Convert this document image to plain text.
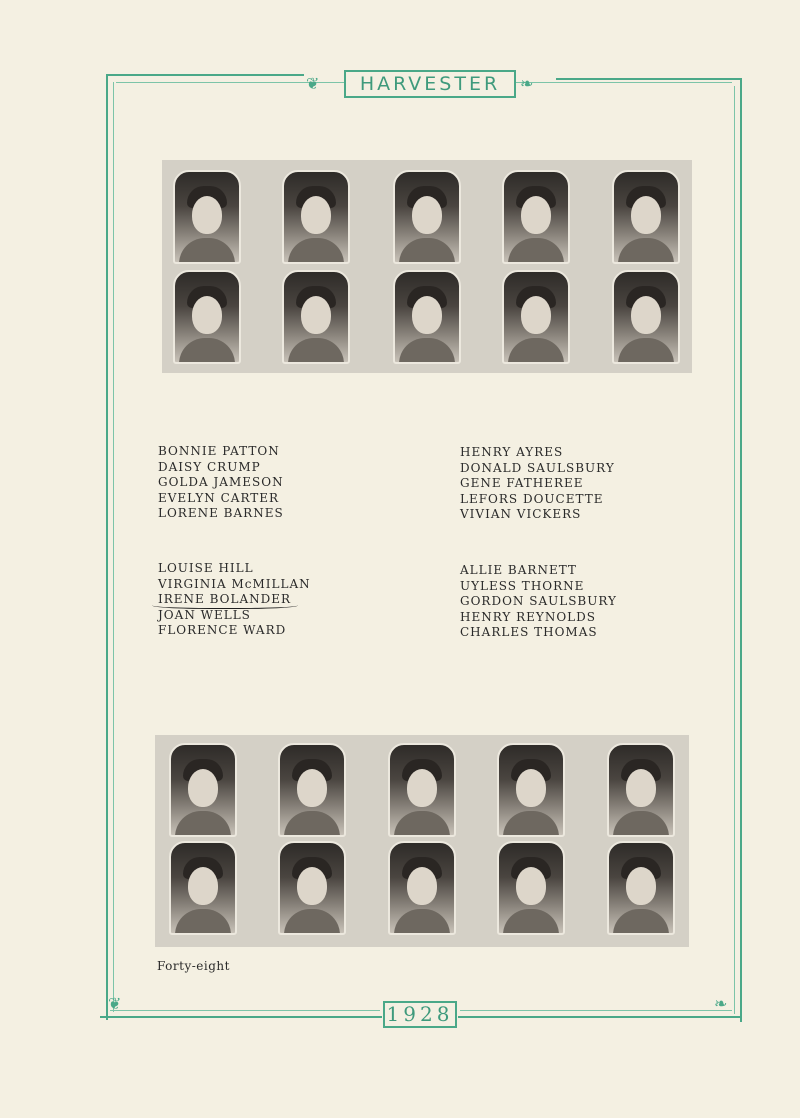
❦	❧
❦	❧
HARVESTER
BONNIE PATTON
DAISY CRUMP
GOLDA JAMESON
EVELYN CARTER
LORENE BARNES
HENRY AYRES
DONALD SAULSBURY
GENE FATHEREE
LEFORS DOUCETTE
VIVIAN VICKERS
LOUISE HILL
VIRGINIA McMILLAN
IRENE BOLANDER
JOAN WELLS
FLORENCE WARD
ALLIE BARNETT
UYLESS THORNE
GORDON SAULSBURY
HENRY REYNOLDS
CHARLES THOMAS
Forty-eight
1928
